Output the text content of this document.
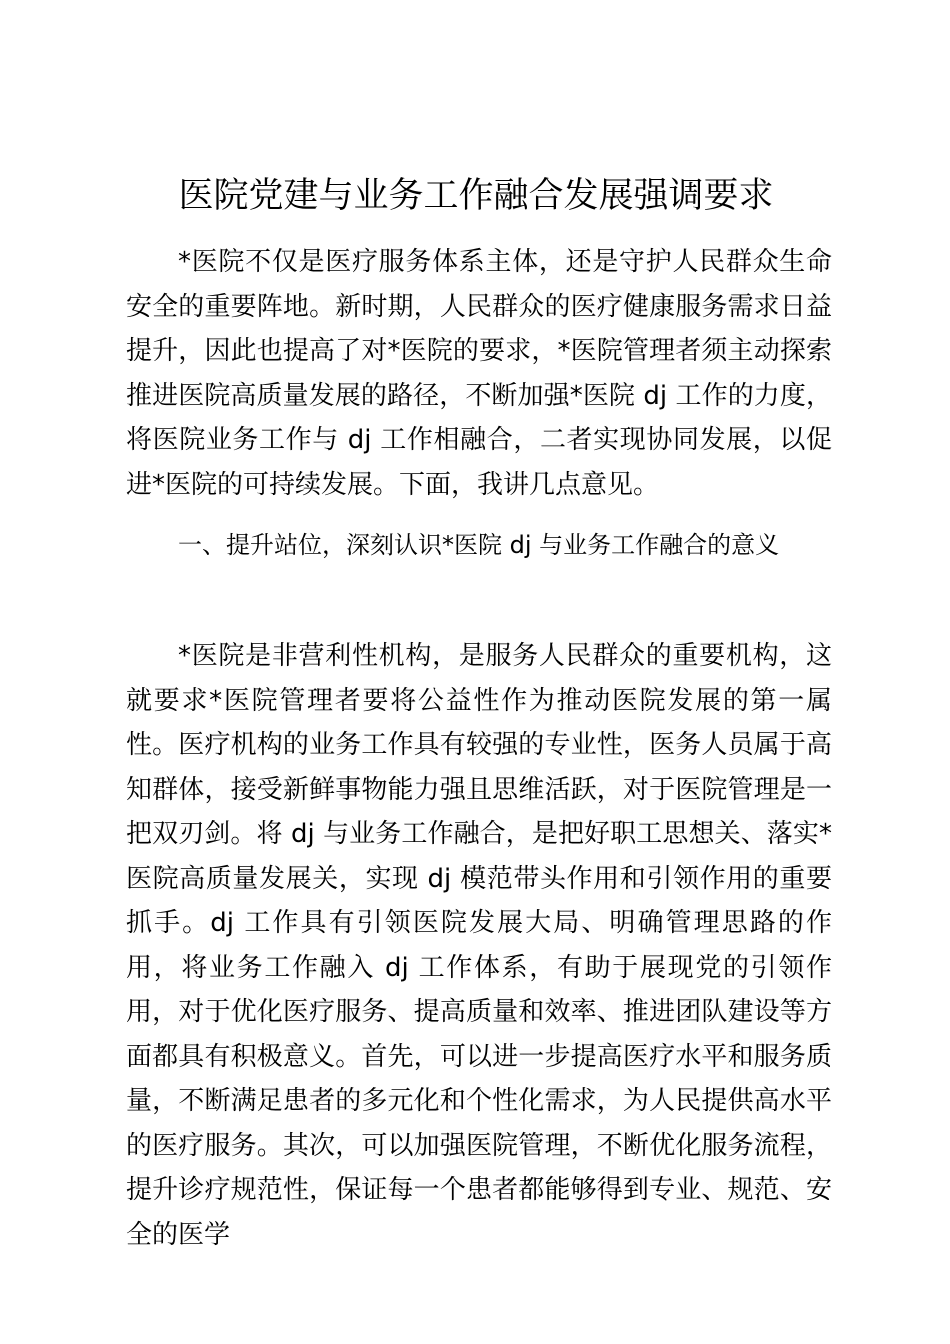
医院党建与业务工作融合发展强调要求

*医院不仅是医疗服务体系主体，还是守护人民群众生命安全的重要阵地。新时期，人民群众的医疗健康服务需求日益提升，因此也提高了对*医院的要求，*医院管理者须主动探索推进医院高质量发展的路径，不断加强*医院 dj 工作的力度，将医院业务工作与 dj 工作相融合，二者实现协同发展，以促进*医院的可持续发展。下面，我讲几点意见。

一、提升站位，深刻认识*医院 dj 与业务工作融合的意义

*医院是非营利性机构，是服务人民群众的重要机构，这就要求*医院管理者要将公益性作为推动医院发展的第一属性。医疗机构的业务工作具有较强的专业性，医务人员属于高知群体，接受新鲜事物能力强且思维活跃，对于医院管理是一把双刃剑。将 dj 与业务工作融合，是把好职工思想关、落实*医院高质量发展关，实现 dj 模范带头作用和引领作用的重要抓手。dj 工作具有引领医院发展大局、明确管理思路的作用，将业务工作融入 dj 工作体系，有助于展现党的引领作用，对于优化医疗服务、提高质量和效率、推进团队建设等方面都具有积极意义。首先，可以进一步提高医疗水平和服务质量，不断满足患者的多元化和个性化需求，为人民提供高水平的医疗服务。其次，可以加强医院管理，不断优化服务流程，提升诊疗规范性，保证每一个患者都能够得到专业、规范、安全的医学
